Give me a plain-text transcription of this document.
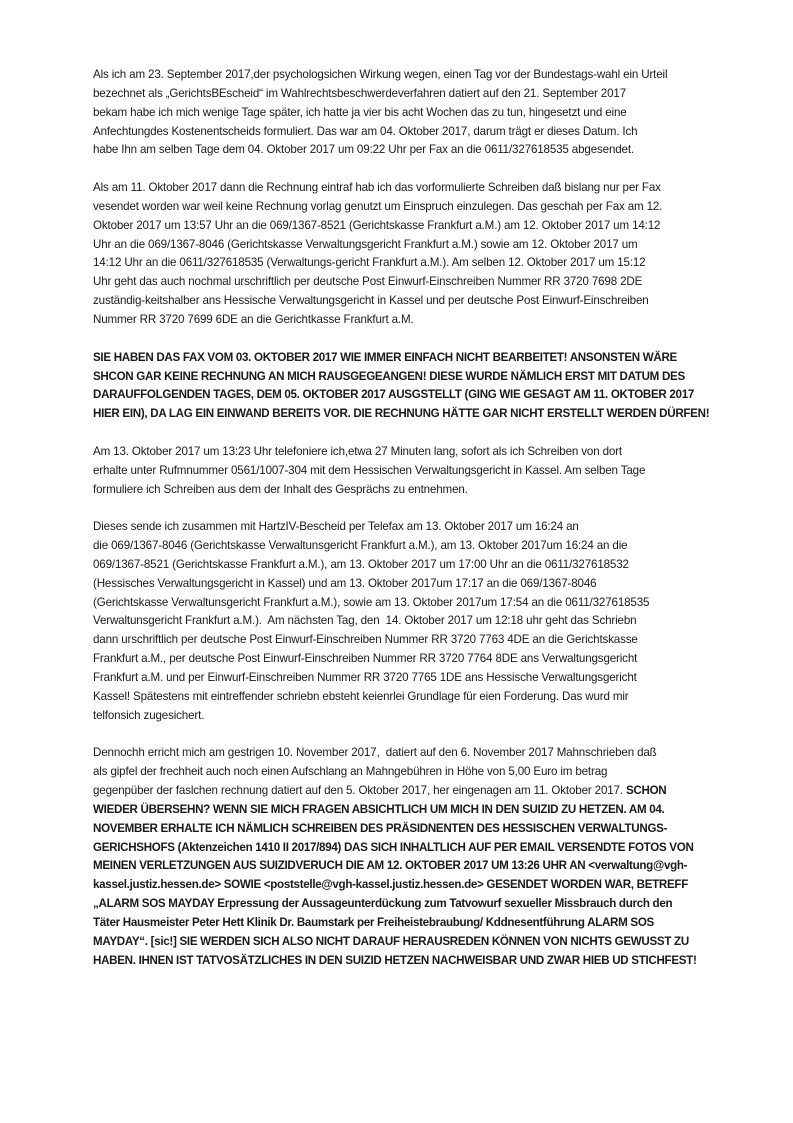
Als ich am 23. September 2017,der psychologsichen Wirkung wegen, einen Tag vor der Bundestags-wahl ein Urteil
bezechnet als „GerichtsBEscheid“ im Wahlrechtsbeschwerdeverfahren datiert auf den 21. September 2017
bekam habe ich mich wenige Tage später, ich hatte ja vier bis acht Wochen das zu tun, hingesetzt und eine
Anfechtungdes Kostenentscheids formuliert. Das war am 04. Oktober 2017, darum trägt er dieses Datum. Ich
habe Ihn am selben Tage dem 04. Oktober 2017 um 09:22 Uhr per Fax an die 0611/327618535 abgesendet.
Als am 11. Oktober 2017 dann die Rechnung eintraf hab ich das vorformulierte Schreiben daß bislang nur per Fax
vesendet worden war weil keine Rechnung vorlag genutzt um Einspruch einzulegen. Das geschah per Fax am 12.
Oktober 2017 um 13:57 Uhr an die 069/1367-8521 (Gerichtskasse Frankfurt a.M.) am 12. Oktober 2017 um 14:12
Uhr an die 069/1367-8046 (Gerichtskasse Verwaltungsgericht Frankfurt a.M.) sowie am 12. Oktober 2017 um
14:12 Uhr an die 0611/327618535 (Verwaltungs-gericht Frankfurt a.M.). Am selben 12. Oktober 2017 um 15:12
Uhr geht das auch nochmal urschriftlich per deutsche Post Einwurf-Einschreiben Nummer RR 3720 7698 2DE
zuständig-keitshalber ans Hessische Verwaltungsgericht in Kassel und per deutsche Post Einwurf-Einschreiben
Nummer RR 3720 7699 6DE an die Gerichtkasse Frankfurt a.M.
SIE HABEN DAS FAX VOM 03. OKTOBER 2017 WIE IMMER EINFACH NICHT BEARBEITET! ANSONSTEN WÄRE
SHCON GAR KEINE RECHNUNG AN MICH RAUSGEGEANGEN! DIESE WURDE NÄMLICH ERST MIT DATUM DES
DARAUFFOLGENDEN TAGES, DEM 05. OKTOBER 2017 AUSGSTELLT (GING WIE GESAGT AM 11. OKTOBER 2017
HIER EIN), DA LAG EIN EINWAND BEREITS VOR. DIE RECHNUNG HÄTTE GAR NICHT ERSTELLT WERDEN DÜRFEN!
Am 13. Oktober 2017 um 13:23 Uhr telefoniere ich,etwa 27 Minuten lang, sofort als ich Schreiben von dort
erhalte unter Rufmnummer 0561/1007-304 mit dem Hessischen Verwaltungsgericht in Kassel. Am selben Tage
formuliere ich Schreiben aus dem der Inhalt des Gesprächs zu entnehmen.
Dieses sende ich zusammen mit HartzIV-Bescheid per Telefax am 13. Oktober 2017 um 16:24 an
die 069/1367-8046 (Gerichtskasse Verwaltunsgericht Frankfurt a.M.), am 13. Oktober 2017um 16:24 an die
069/1367-8521 (Gerichtskasse Frankfurt a.M.), am 13. Oktober 2017 um 17:00 Uhr an die 0611/327618532
(Hessisches Verwaltungsgericht in Kassel) und am 13. Oktober 2017um 17:17 an die 069/1367-8046
(Gerichtskasse Verwaltunsgericht Frankfurt a.M.), sowie am 13. Oktober 2017um 17:54 an die 0611/327618535
Verwaltunsgericht Frankfurt a.M.).  Am nächsten Tag, den  14. Oktober 2017 um 12:18 uhr geht das Schriebn
dann urschriftlich per deutsche Post Einwurf-Einschreiben Nummer RR 3720 7763 4DE an die Gerichtskasse
Frankfurt a.M., per deutsche Post Einwurf-Einschreiben Nummer RR 3720 7764 8DE ans Verwaltungsgericht
Frankfurt a.M. und per Einwurf-Einschreiben Nummer RR 3720 7765 1DE ans Hessische Verwaltungsgericht
Kassel! Spätestens mit eintreffender schriebn ebsteht keienrlei Grundlage für eien Forderung. Das wurd mir
telfonsich zugesichert.
Dennochh erricht mich am gestrigen 10. November 2017,  datiert auf den 6. November 2017 Mahnschrieben daß
als gipfel der frechheit auch noch einen Aufschlang an Mahngebühren in Höhe von 5,00 Euro im betrag
gegenpüber der faslchen rechnung datiert auf den 5. Oktober 2017, her eingenagen am 11. Oktober 2017. SCHON
WIEDER ÜBERSEHN? WENN SIE MICH FRAGEN ABSICHTLICH UM MICH IN DEN SUIZID ZU HETZEN. AM 04.
NOVEMBER ERHALTE ICH NÄMLICH SCHREIBEN DES PRÄSIDNENTEN DES HESSISCHEN VERWALTUNGS-
GERICHSHOFS (Aktenzeichen 1410 II 2017/894) DAS SICH INHALTLICH AUF PER EMAIL VERSENDTE FOTOS VON
MEINEN VERLETZUNGEN AUS SUIZIDVERUCH DIE AM 12. OKTOBER 2017 UM 13:26 UHR AN <verwaltung@vgh-
kassel.justiz.hessen.de> SOWIE <poststelle@vgh-kassel.justiz.hessen.de> GESENDET WORDEN WAR, BETREFF
„ALARM SOS MAYDAY Erpressung der Aussageunterdückung zum Tatvowurf sexueller Missbrauch durch den
Täter Hausmeister Peter Hett Klinik Dr. Baumstark per Freiheistebraubung/ Kddnesentführung ALARM SOS
MAYDAY“. [sic!] SIE WERDEN SICH ALSO NICHT DARAUF HERAUSREDEN KÖNNEN VON NICHTS GEWUSST ZU
HABEN. IHNEN IST TATVOSÄTZLICHES IN DEN SUIZID HETZEN NACHWEISBAR UND ZWAR HIEB UD STICHFEST!
